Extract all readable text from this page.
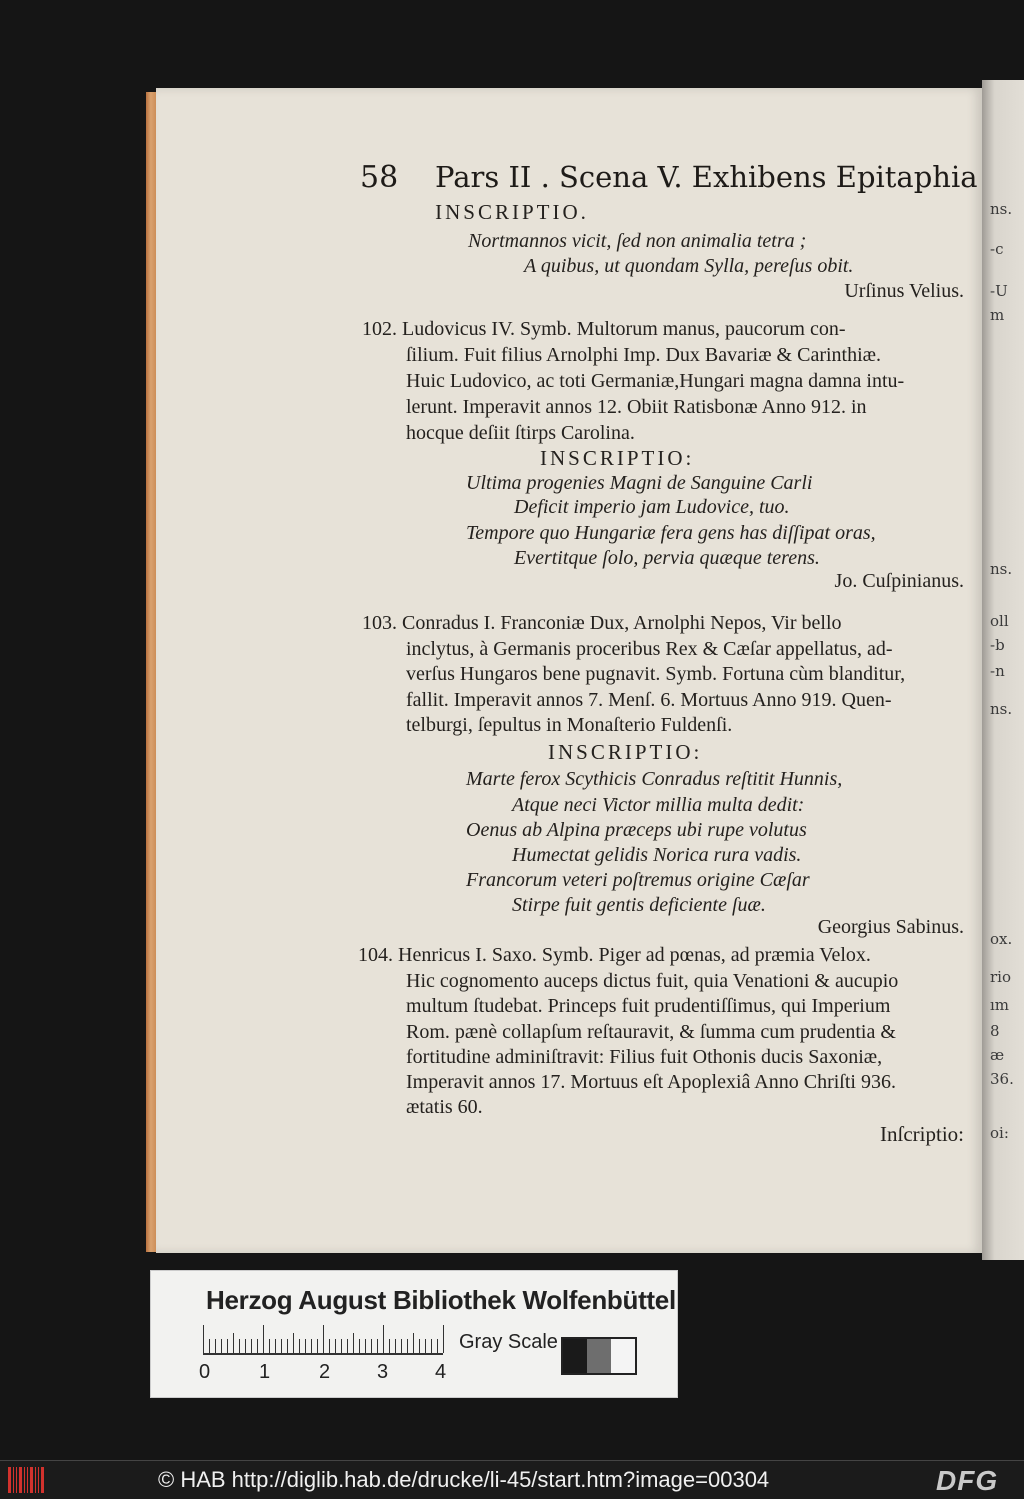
ns.
-c
-U
m
ns.
oll
-b
-n
ns.
ox.
rio
ım
8
æ
36.
oi:
58 Pars II . Scena V. Exhibens Epitaphia
INSCRIPTIO.
Nortmannos vicit, ſed non animalia tetra ;
A quibus, ut quondam Sylla, pereſus obit.
Urſinus Velius.
102. Ludovicus IV. Symb. Multorum manus, paucorum con-
ſilium. Fuit filius Arnolphi Imp. Dux Bavariæ & Carinthiæ.
Huic Ludovico, ac toti Germaniæ,Hungari magna damna intu-
lerunt. Imperavit annos 12. Obiit Ratisbonæ Anno 912. in
hocque deſiit ſtirps Carolina.
INSCRIPTIO:
Ultima progenies Magni de Sanguine Carli
Deficit imperio jam Ludovice, tuo.
Tempore quo Hungariæ fera gens has diſſipat oras,
Evertitque ſolo, pervia quæque terens.
Jo. Cuſpinianus.
103. Conradus I. Franconiæ Dux, Arnolphi Nepos, Vir bello
inclytus, à Germanis proceribus Rex & Cæſar appellatus, ad-
verſus Hungaros bene pugnavit. Symb. Fortuna cùm blanditur,
fallit. Imperavit annos 7. Menſ. 6. Mortuus Anno 919. Quen-
telburgi, ſepultus in Monaſterio Fuldenſi.
INSCRIPTIO:
Marte ferox Scythicis Conradus reſtitit Hunnis,
Atque neci Victor millia multa dedit:
Oenus ab Alpina præceps ubi rupe volutus
Humectat gelidis Norica rura vadis.
Francorum veteri poſtremus origine Cæſar
Stirpe fuit gentis deficiente ſuæ.
Georgius Sabinus.
104. Henricus I. Saxo. Symb. Piger ad pœnas, ad præmia Velox.
Hic cognomento auceps dictus fuit, quia Venationi & aucupio
multum ſtudebat. Princeps fuit prudentiſſimus, qui Imperium
Rom. pænè collapſum reſtauravit, & ſumma cum prudentia &
fortitudine adminiſtravit: Filius fuit Othonis ducis Saxoniæ,
Imperavit annos 17. Mortuus eſt Apoplexiâ Anno Chriſti 936.
ætatis 60.
Inſcriptio:
Herzog August Bibliothek Wolfenbüttel
0 1 2 3 4
Gray Scale
© HAB http://diglib.hab.de/drucke/li-45/start.htm?image=00304	DFG
